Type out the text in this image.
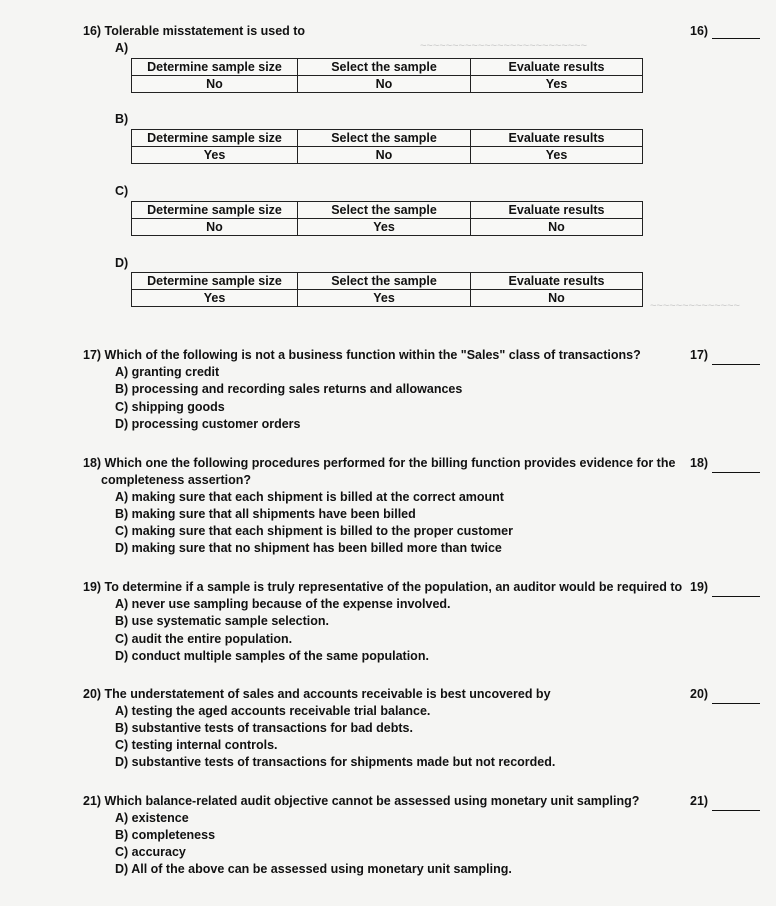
~~~~~~~~~~~~~~~~~~~~~~~~~~
~~~~~~~~~~~~~~
16) Tolerable misstatement is used to	16)
A)
Determine sample size	Select the sample	Evaluate results
No	No	Yes
B)
Determine sample size	Select the sample	Evaluate results
Yes	No	Yes
C)
Determine sample size	Select the sample	Evaluate results
No	Yes	No
D)
Determine sample size	Select the sample	Evaluate results
Yes	Yes	No
17) Which of the following is not a business function within the "Sales" class of transactions?	17)
A) granting credit
B) processing and recording sales returns and allowances
C) shipping goods
D) processing customer orders
18) Which one the following procedures performed for the billing function provides evidence for the
completeness assertion?
18)
A) making sure that each shipment is billed at the correct amount
B) making sure that all shipments have been billed
C) making sure that each shipment is billed to the proper customer
D) making sure that no shipment has been billed more than twice
19) To determine if a sample is truly representative of the population, an auditor would be required to 19)
A) never use sampling because of the expense involved.
B) use systematic sample selection.
C) audit the entire population.
D) conduct multiple samples of the same population.
20) The understatement of sales and accounts receivable is best uncovered by	20)
A) testing the aged accounts receivable trial balance.
B) substantive tests of transactions for bad debts.
C) testing internal controls.
D) substantive tests of transactions for shipments made but not recorded.
21) Which balance-related audit objective cannot be assessed using monetary unit sampling?	21)
A) existence
B) completeness
C) accuracy
D) All of the above can be assessed using monetary unit sampling.
